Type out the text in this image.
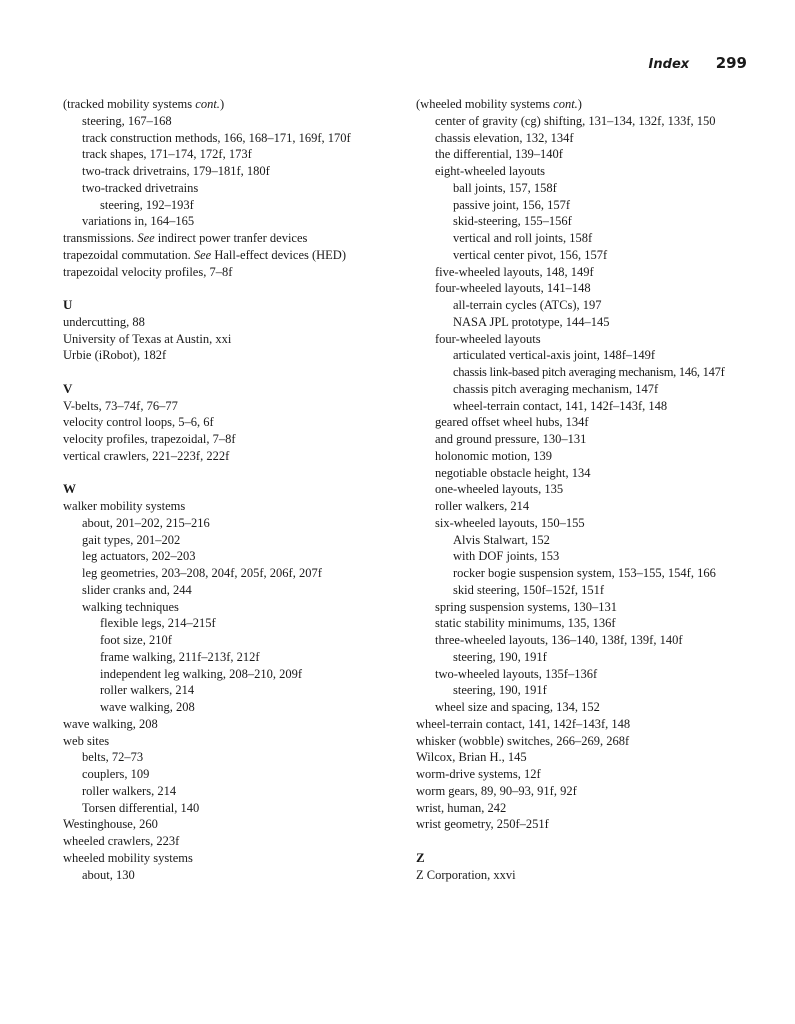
Index 299
(tracked mobility systems cont.)
steering, 167–168
track construction methods, 166, 168–171, 169f, 170f
track shapes, 171–174, 172f, 173f
two-track drivetrains, 179–181f, 180f
two-tracked drivetrains
steering, 192–193f
variations in, 164–165
transmissions. See indirect power tranfer devices
trapezoidal commutation. See Hall-effect devices (HED)
trapezoidal velocity profiles, 7–8f
U
undercutting, 88
University of Texas at Austin, xxi
Urbie (iRobot), 182f
V
V-belts, 73–74f, 76–77
velocity control loops, 5–6, 6f
velocity profiles, trapezoidal, 7–8f
vertical crawlers, 221–223f, 222f
W
walker mobility systems
about, 201–202, 215–216
gait types, 201–202
leg actuators, 202–203
leg geometries, 203–208, 204f, 205f, 206f, 207f
slider cranks and, 244
walking techniques
flexible legs, 214–215f
foot size, 210f
frame walking, 211f–213f, 212f
independent leg walking, 208–210, 209f
roller walkers, 214
wave walking, 208
wave walking, 208
web sites
belts, 72–73
couplers, 109
roller walkers, 214
Torsen differential, 140
Westinghouse, 260
wheeled crawlers, 223f
wheeled mobility systems
about, 130
(wheeled mobility systems cont.)
center of gravity (cg) shifting, 131–134, 132f, 133f, 150
chassis elevation, 132, 134f
the differential, 139–140f
eight-wheeled layouts
ball joints, 157, 158f
passive joint, 156, 157f
skid-steering, 155–156f
vertical and roll joints, 158f
vertical center pivot, 156, 157f
five-wheeled layouts, 148, 149f
four-wheeled layouts, 141–148
all-terrain cycles (ATCs), 197
NASA JPL prototype, 144–145
four-wheeled layouts
articulated vertical-axis joint, 148f–149f
chassis link-based pitch averaging mechanism, 146, 147f
chassis pitch averaging mechanism, 147f
wheel-terrain contact, 141, 142f–143f, 148
geared offset wheel hubs, 134f
and ground pressure, 130–131
holonomic motion, 139
negotiable obstacle height, 134
one-wheeled layouts, 135
roller walkers, 214
six-wheeled layouts, 150–155
Alvis Stalwart, 152
with DOF joints, 153
rocker bogie suspension system, 153–155, 154f, 166
skid steering, 150f–152f, 151f
spring suspension systems, 130–131
static stability minimums, 135, 136f
three-wheeled layouts, 136–140, 138f, 139f, 140f
steering, 190, 191f
two-wheeled layouts, 135f–136f
steering, 190, 191f
wheel size and spacing, 134, 152
wheel-terrain contact, 141, 142f–143f, 148
whisker (wobble) switches, 266–269, 268f
Wilcox, Brian H., 145
worm-drive systems, 12f
worm gears, 89, 90–93, 91f, 92f
wrist, human, 242
wrist geometry, 250f–251f
Z
Z Corporation, xxvi
